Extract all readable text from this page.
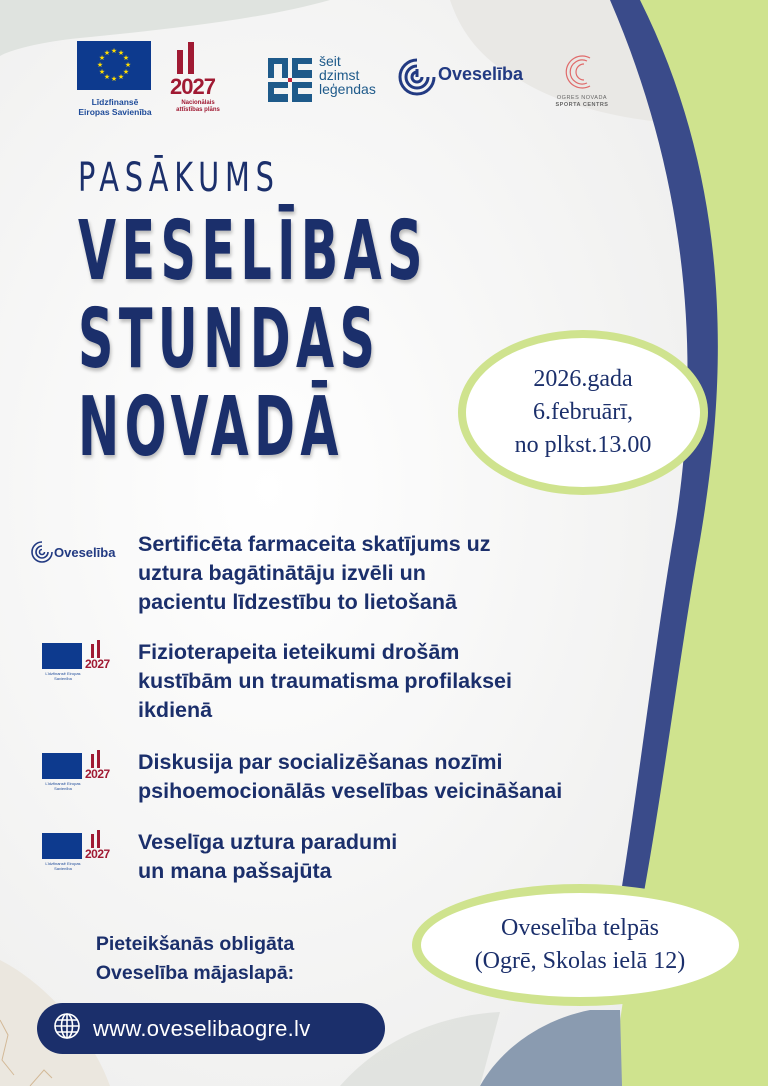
★ ★
★
★
★
★
★
★
★
★
★
★
Līdzfinansē
Eiropas Savienība
2027
Nacionālais
attīstības plāns
šeit
dzimst
leģendas
Oveselība
OGRES NOVADA
SPORTA CENTRS
PASĀKUMS
VESELĪBAS
STUNDAS
NOVADĀ
2026.gada
6.februārī,
no plkst.13.00
Oveselība Sertificēta farmaceita skatījums uz
uztura bagātinātāju izvēli un
pacientu līdzestību to lietošanā
Līdzfinansē Eiropas Savienība
2027 Fizioterapeita ieteikumi drošām
kustībām un traumatisma profilaksei
ikdienā
Līdzfinansē Eiropas Savienība
2027 Diskusija par socializēšanas nozīmi
psihoemocionālās veselības veicināšanai
Līdzfinansē Eiropas Savienība
2027 Veselīga uztura paradumi
un mana pašsajūta
Oveselība telpās
(Ogrē, Skolas ielā 12)
Pieteikšanās obligāta
Oveselība mājaslapā:
www.oveselibaogre.lv
